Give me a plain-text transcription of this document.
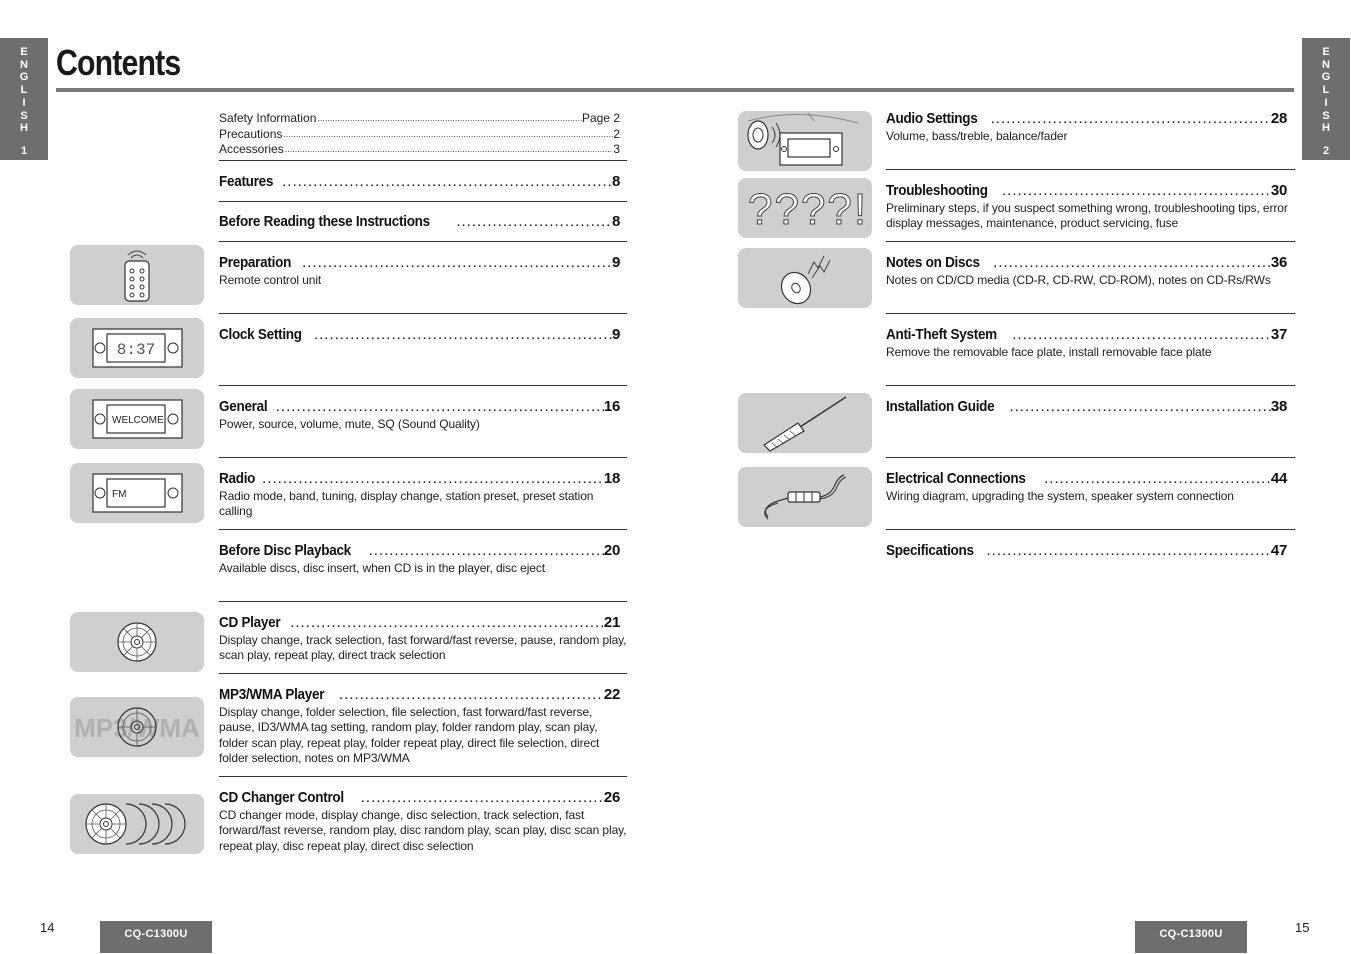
E
N
G
L
I
S
H
1
E
N
G
L
I
S
H
2
Contents
Safety Information .....	Page 2
Precautions .....	2
Accessories .....	3
Features .....	8
Before Reading these Instructions .....	8
Preparation .....	9
Remote control unit
Clock Setting .....	9
General .....	16
Power, source, volume, mute, SQ (Sound Quality)
Radio .....	18
Radio mode, band, tuning, display change, station preset, preset station calling
Before Disc Playback .....	20
Available discs, disc insert, when CD is in the player, disc eject
CD Player .....	21
Display change, track selection, fast forward/fast reverse, pause, random play, scan play, repeat play, direct track selection
MP3/WMA Player .....	22
Display change, folder selection, file selection, fast forward/fast reverse, pause, ID3/WMA tag setting, random play, folder random play, scan play, folder scan play, repeat play, folder repeat play, direct file selection, direct folder selection, notes on MP3/WMA
CD Changer Control .....	26
CD changer mode, display change, disc selection, track selection, fast forward/fast reverse, random play, disc random play, scan play, disc scan play, repeat play, disc repeat play, direct disc selection
Audio Settings .....	28
Volume, bass/treble, balance/fader
Troubleshooting .....	30
Preliminary steps, if you suspect something wrong, troubleshooting tips, error display messages, maintenance, product servicing, fuse
Notes on Discs .....	36
Notes on CD/CD media (CD-R, CD-RW, CD-ROM), notes on CD-Rs/RWs
Anti-Theft System .....	37
Remove the removable face plate, install removable face plate
Installation Guide .....	38
Electrical Connections .....	44
Wiring diagram, upgrading the system, speaker system connection
Specifications .....	47
8:37
WELCOME
FM
MP3/WMA
????!
14	CQ-C1300U	CQ-C1300U	15
